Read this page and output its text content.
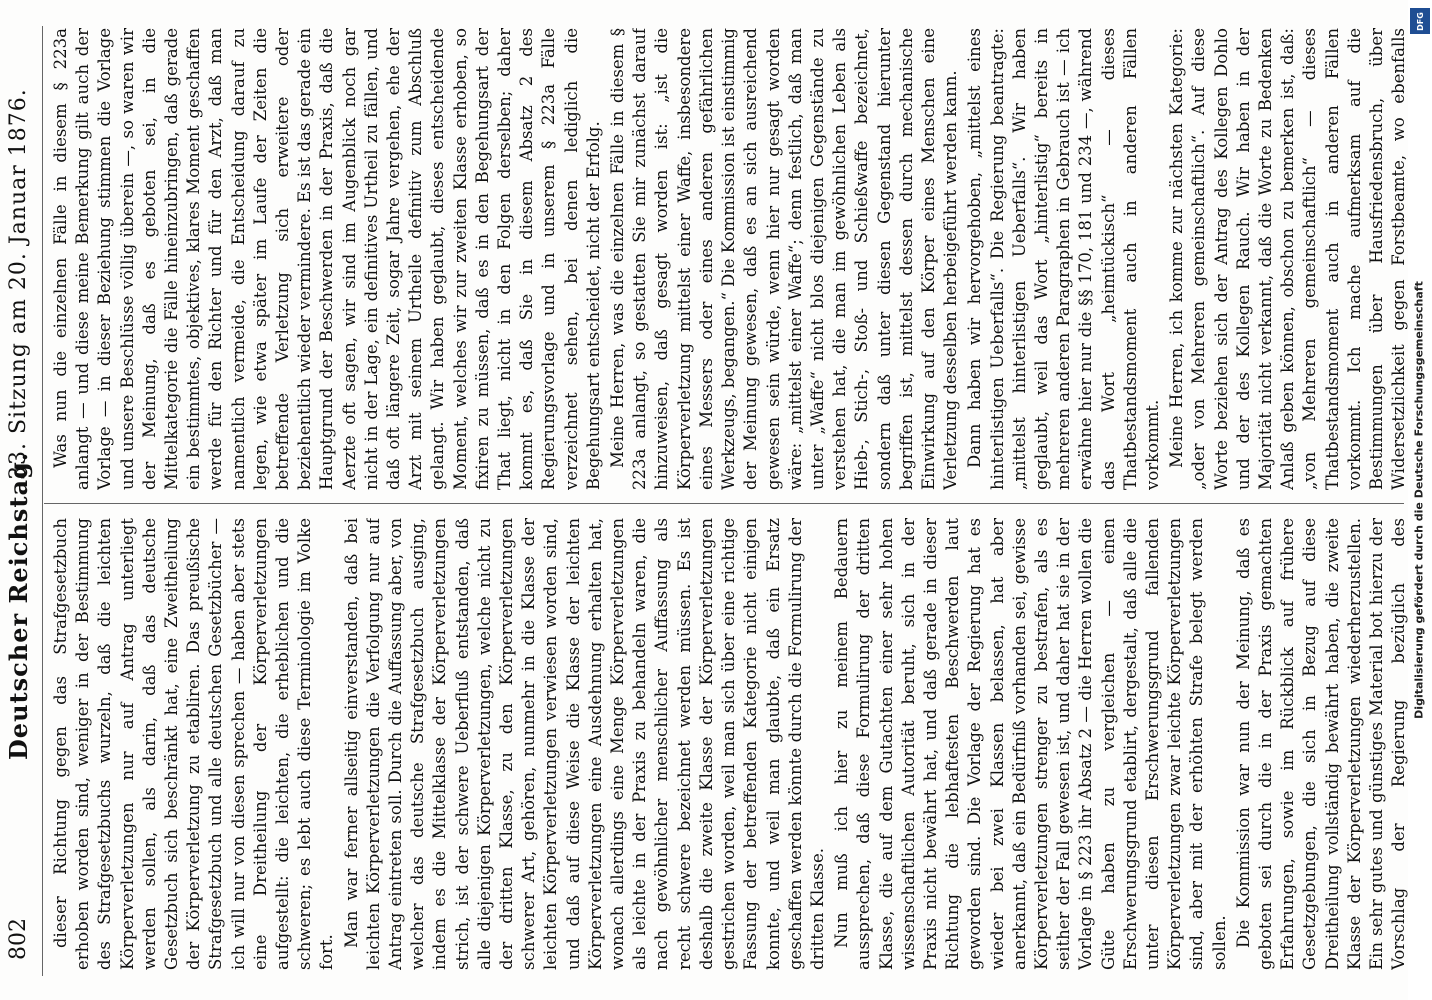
802
Deutscher Reichstag.
33. Sitzung am 20. Januar 1876.

dieser Richtung gegen das Strafgesetzbuch erhoben worden sind, weniger in der Bestimmung des Strafgesetzbuchs wurzeln, daß die leichten Körperverletzungen nur auf Antrag unterliegt werden sollen, als darin, daß das deutsche Gesetzbuch sich beschränkt hat, eine Zweitheilung der Körperverletzung zu etabliren. Das preußische Strafgesetzbuch und alle deutschen Gesetzbücher — ich will nur von diesen sprechen — haben aber stets eine Dreitheilung der Körperverletzungen aufgestellt: die leichten, die erheblichen und die schweren; es lebt auch diese Terminologie im Volke fort.

Man war ferner allseitig einverstanden, daß bei leichten Körperverletzungen die Verfolgung nur auf Antrag eintreten soll. Durch die Auffassung aber, von welcher das deutsche Strafgesetzbuch ausging, indem es die Mittelklasse der Körperverletzungen strich, ist der schwere Ueberfluß entstanden, daß alle diejenigen Körperverletzungen, welche nicht zu der dritten Klasse, zu den Körperverletzungen schwerer Art, gehören, nunmehr in die Klasse der leichten Körperverletzungen verwiesen worden sind, und daß auf diese Weise die Klasse der leichten Körperverletzungen eine Ausdehnung erhalten hat, wonach allerdings eine Menge Körperverletzungen als leichte in der Praxis zu behandeln waren, die nach gewöhnlicher menschlicher Auffassung als recht schwere bezeichnet werden müssen. Es ist deshalb die zweite Klasse der Körperverletzungen gestrichen worden, weil man sich über eine richtige Fassung der betreffenden Kategorie nicht einigen konnte, und weil man glaubte, daß ein Ersatz geschaffen werden könnte durch die Formulirung der dritten Klasse. Nun muß ich hier zu meinem Bedauern aussprechen, daß diese Formulirung der dritten Klasse, die auf dem Gutachten einer sehr hohen wissenschaftlichen Autorität beruht, sich in der Praxis nicht bewährt hat, und daß gerade in dieser Richtung die lebhaftesten Beschwerden laut geworden sind. Die Vorlage der Regierung hat es wieder bei zwei Klassen belassen, hat aber anerkannt, daß ein Bedürfniß vorhanden sei, gewisse Körperverletzungen strenger zu bestrafen, als es seither der Fall gewesen ist, und daher hat sie in der Vorlage in § 223 ihr Absatz 2 — die Herren wollen die Güte haben zu vergleichen — einen Erschwerungsgrund etablirt, dergestalt, daß alle die unter diesen Erschwerungsgrund fallenden Körperverletzungen zwar leichte Körperverletzungen sind, aber mit der erhöhten Strafe belegt werden sollen. Die Kommission war nun der Meinung, daß es geboten sei durch die in der Praxis gemachten Erfahrungen, sowie im Rückblick auf frühere Gesetzgebungen, die sich in Bezug auf diese Dreitheilung vollständig bewährt haben, die zweite Klasse der Körperverletzungen wiederherzustellen. Ein sehr gutes und günstiges Material bot hierzu der Vorschlag der Regierung bezüglich des

Was nun die einzelnen Fälle in diesem § 223a anlangt — und diese meine Bemerkung gilt auch der Vorlage — in dieser Beziehung stimmen die Vorlage und unsere Beschlüsse völlig überein —, so waren wir der Meinung, daß es geboten sei, in die Mittelkategorie die Fälle hineinzubringen, daß gerade ein bestimmtes, objektives, klares Moment geschaffen werde für den Richter und für den Arzt, daß man namentlich vermeide, die Entscheidung darauf zu legen, wie etwa später im Laufe der Zeiten die betreffende Verletzung sich erweitere oder beziehentlich wieder vermindere. Es ist das gerade ein Hauptgrund der Beschwerden in der Praxis, daß die Aerzte oft sagen, wir sind im Augenblick noch gar nicht in der Lage, ein definitives Urtheil zu fällen, und daß oft längere Zeit, sogar Jahre vergehen, ehe der Arzt mit seinem Urtheile definitiv zum Abschluß gelangt. Wir haben geglaubt, dieses entscheidende Moment, welches wir zur zweiten Klasse erhoben, so fixiren zu müssen, daß es in den Begehungsart der That liegt, nicht in den Folgen derselben; daher kommt es, daß Sie in diesem Absatz 2 des Regierungsvorlage und in unserem § 223a Fälle verzeichnet sehen, bei denen lediglich die Begehungsart entscheidet, nicht der Erfolg. Meine Herren, was die einzelnen Fälle in diesem § 223a anlangt, so gestatten Sie mir zunächst darauf hinzuweisen, daß gesagt worden ist: „ist die Körperverletzung mittelst einer Waffe, insbesondere eines Messers oder eines anderen gefährlichen Werkzeugs, begangen.“ Die Kommission ist einstimmig der Meinung gewesen, daß es an sich ausreichend gewesen sein würde, wenn hier nur gesagt worden wäre: „mittelst einer Waffe“; denn festlich, daß man unter „Waffe“ nicht blos diejenigen Gegenstände zu verstehen hat, die man im gewöhnlichen Leben als Hieb-, Stich-, Stoß- und Schießwaffe bezeichnet, sondern daß unter diesen Gegenstand hierunter begriffen ist, mittelst dessen durch mechanische Einwirkung auf den Körper eines Menschen eine Verletzung desselben herbeigeführt werden kann. Dann haben wir hervorgehoben, „mittelst eines hinterlistigen Ueberfalls“. Die Regierung beantragte: „mittelst hinterlistigen Ueberfalls“. Wir haben geglaubt, weil das Wort „hinterlistig“ bereits in mehreren anderen Paragraphen in Gebrauch ist — ich erwähne hier nur die §§ 170, 181 und 234 —, während das Wort „heimtückisch“ — dieses Thatbestandsmoment auch in anderen Fällen vorkommt. Meine Herren, ich komme zur nächsten Kategorie: „oder von Mehreren gemeinschaftlich“. Auf diese Worte beziehen sich der Antrag des Kollegen Dohlo und der des Kollegen Rauch. Wir haben in der Majorität nicht verkannt, daß die Worte zu Bedenken Anlaß geben können, obschon zu bemerken ist, daß: „von Mehreren gemeinschaftlich“ — dieses Thatbestandsmoment auch in anderen Fällen vorkommt. Ich mache aufmerksam auf die Bestimmungen über Hausfriedensbruch, über Widersetzlichkeit gegen Forstbeamte, wo ebenfalls

DFG
Digitalisierung gefördert durch die Deutsche Forschungsgemeinschaft
